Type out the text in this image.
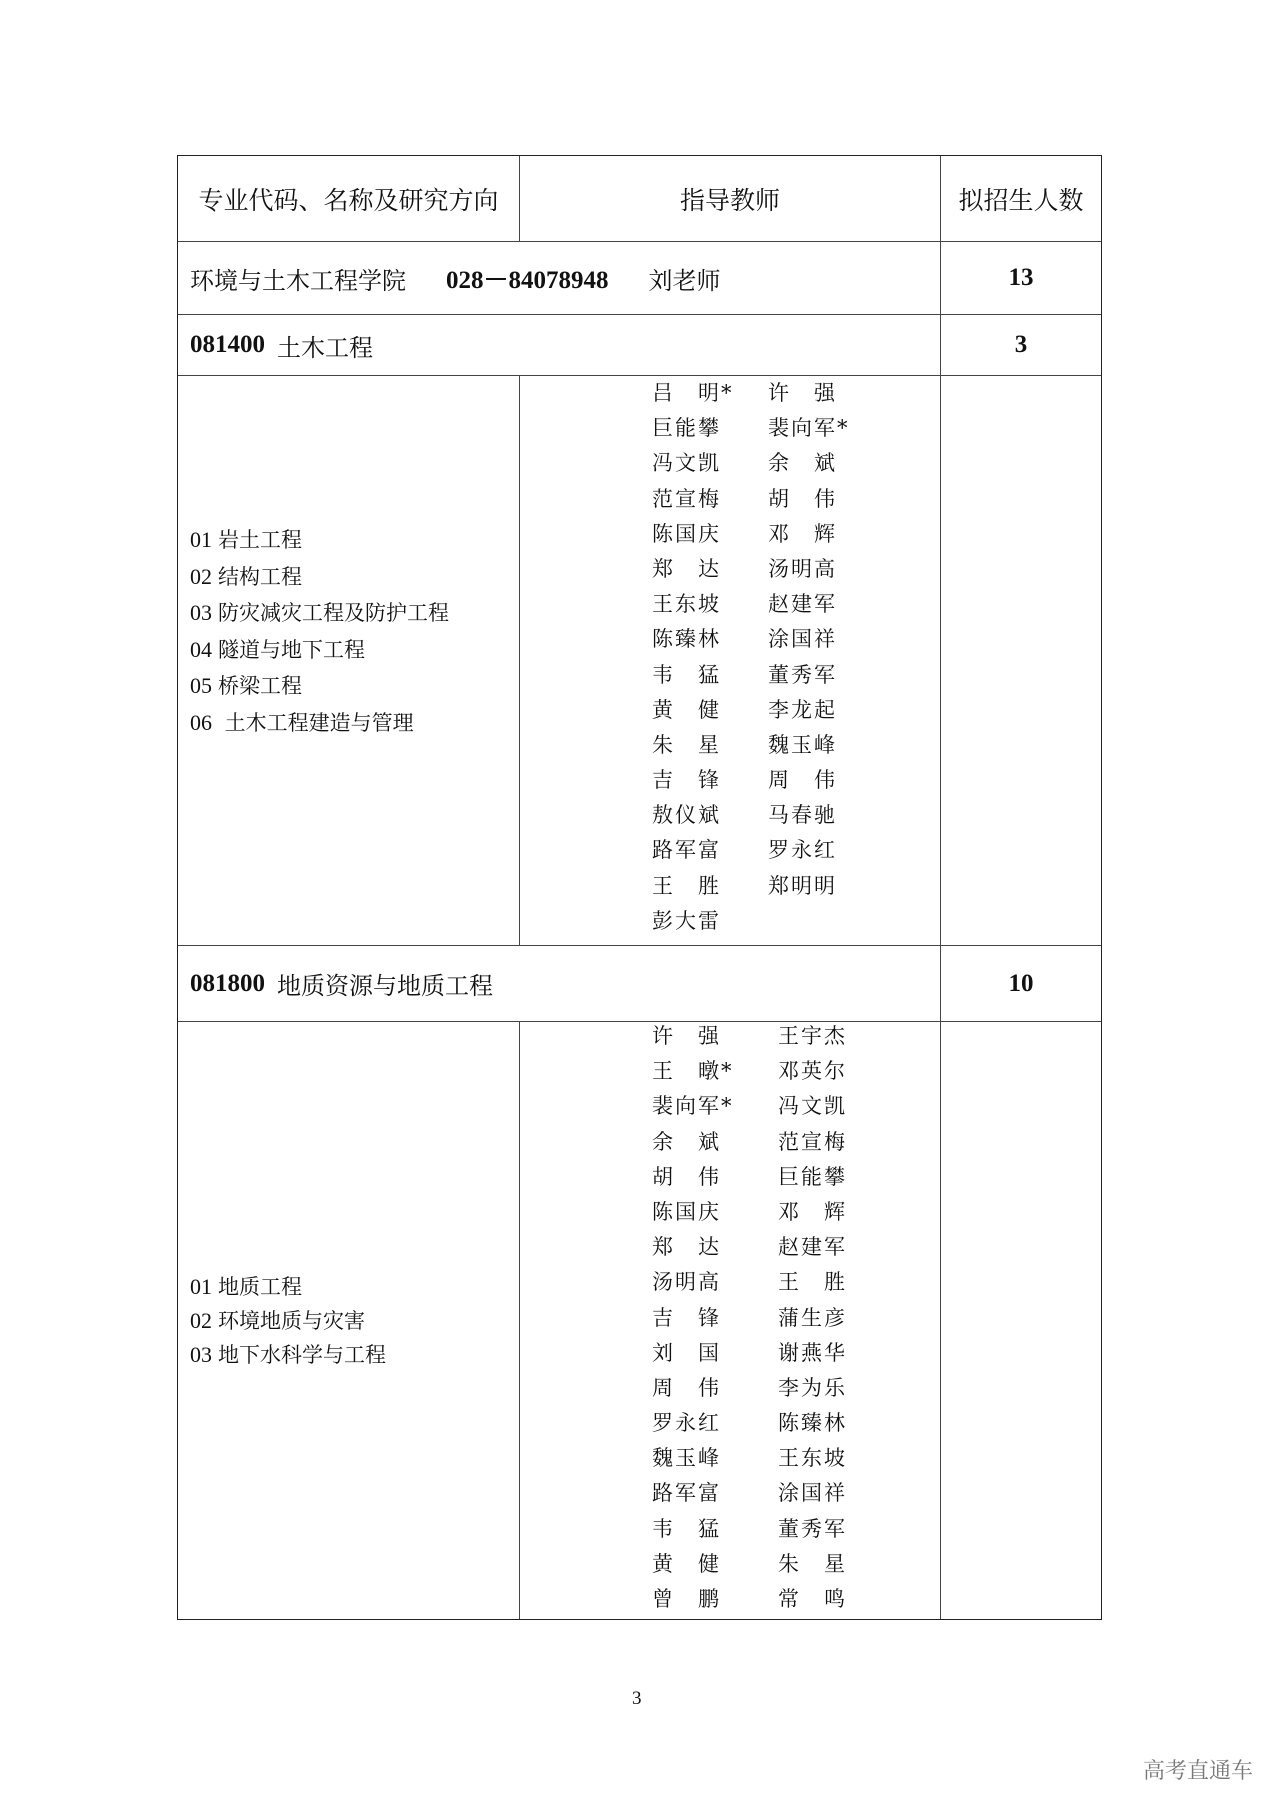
专业代码、名称及研究方向	指导教师	拟招生人数
环境与土木工程学院 028－84078948 刘老师	13
081400 土木工程	3
01 岩土工程
02 结构工程
03 防灾减灾工程及防护工程
04 隧道与地下工程
05 桥梁工程
06 土木工程建造与管理
吕　明*	许　强
巨能攀	裴向军*
冯文凯	余　斌
范宣梅	胡　伟
陈国庆	邓　辉
郑　达	汤明高
王东坡	赵建军
陈臻林	涂国祥
韦　猛	董秀军
黄　健	李龙起
朱　星	魏玉峰
吉　锋	周　伟
敖仪斌	马春驰
路军富	罗永红
王　胜	郑明明
彭大雷
081800 地质资源与地质工程	10
01 地质工程
02 环境地质与灾害
03 地下水科学与工程
许　强	王宇杰
王　暾*	邓英尔
裴向军*	冯文凯
余　斌	范宣梅
胡　伟	巨能攀
陈国庆	邓　辉
郑　达	赵建军
汤明高	王　胜
吉　锋	蒲生彦
刘　国	谢燕华
周　伟	李为乐
罗永红	陈臻林
魏玉峰	王东坡
路军富	涂国祥
韦　猛	董秀军
黄　健	朱　星
曾　鹏	常　鸣
3
高考直通车
